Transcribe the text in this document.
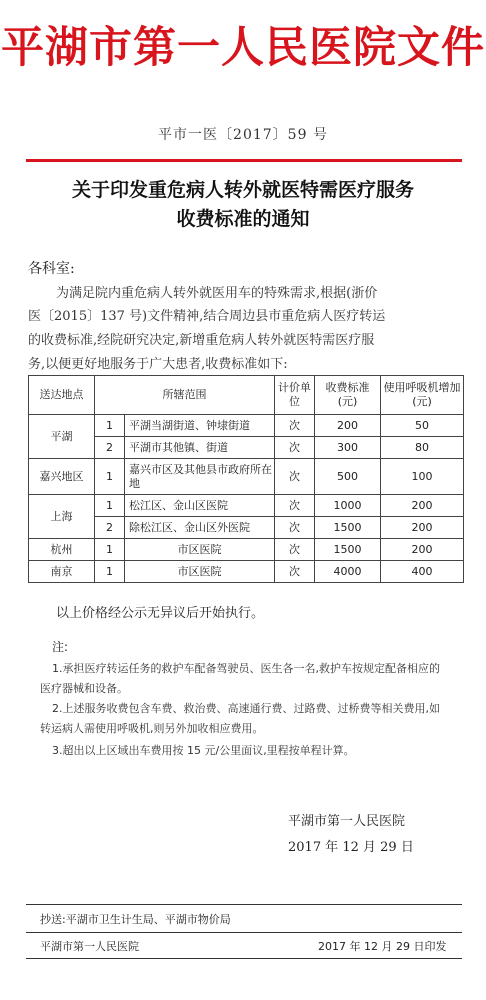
平湖市第一人民医院文件
平市一医〔2017〕59 号
关于印发重危病人转外就医特需医疗服务
收费标准的通知
各科室:
为满足院内重危病人转外就医用车的特殊需求,根据(浙价
医〔2015〕137 号)文件精神,结合周边县市重危病人医疗转运
的收费标准,经院研究决定,新增重危病人转外就医特需医疗服
务,以便更好地服务于广大患者,收费标准如下:
送达地点	所辖范围		计价单位	收费标准(元)	使用呼吸机增加(元)
平湖	1	平湖当湖街道、钟埭街道	次	200	50
	2	平湖市其他镇、街道	次	300	80
嘉兴地区	1	嘉兴市区及其他县市政府所在地	次	500	100
上海	1	松江区、金山区医院	次	1000	200
	2	除松江区、金山区外医院	次	1500	200
杭州	1	市区医院	次	1500	200
南京	1	市区医院	次	4000	400
以上价格经公示无异议后开始执行。
注:
1.承担医疗转运任务的救护车配备驾驶员、医生各一名,救护车按规定配备相应的
医疗器械和设备。
2.上述服务收费包含车费、救治费、高速通行费、过路费、过桥费等相关费用,如
转运病人需使用呼吸机,则另外加收相应费用。
3.超出以上区域出车费用按 15 元/公里面议,里程按单程计算。
平湖市第一人民医院
2017 年 12 月 29 日
抄送:平湖市卫生计生局、平湖市物价局
平湖市第一人民医院	2017 年 12 月 29 日印发
